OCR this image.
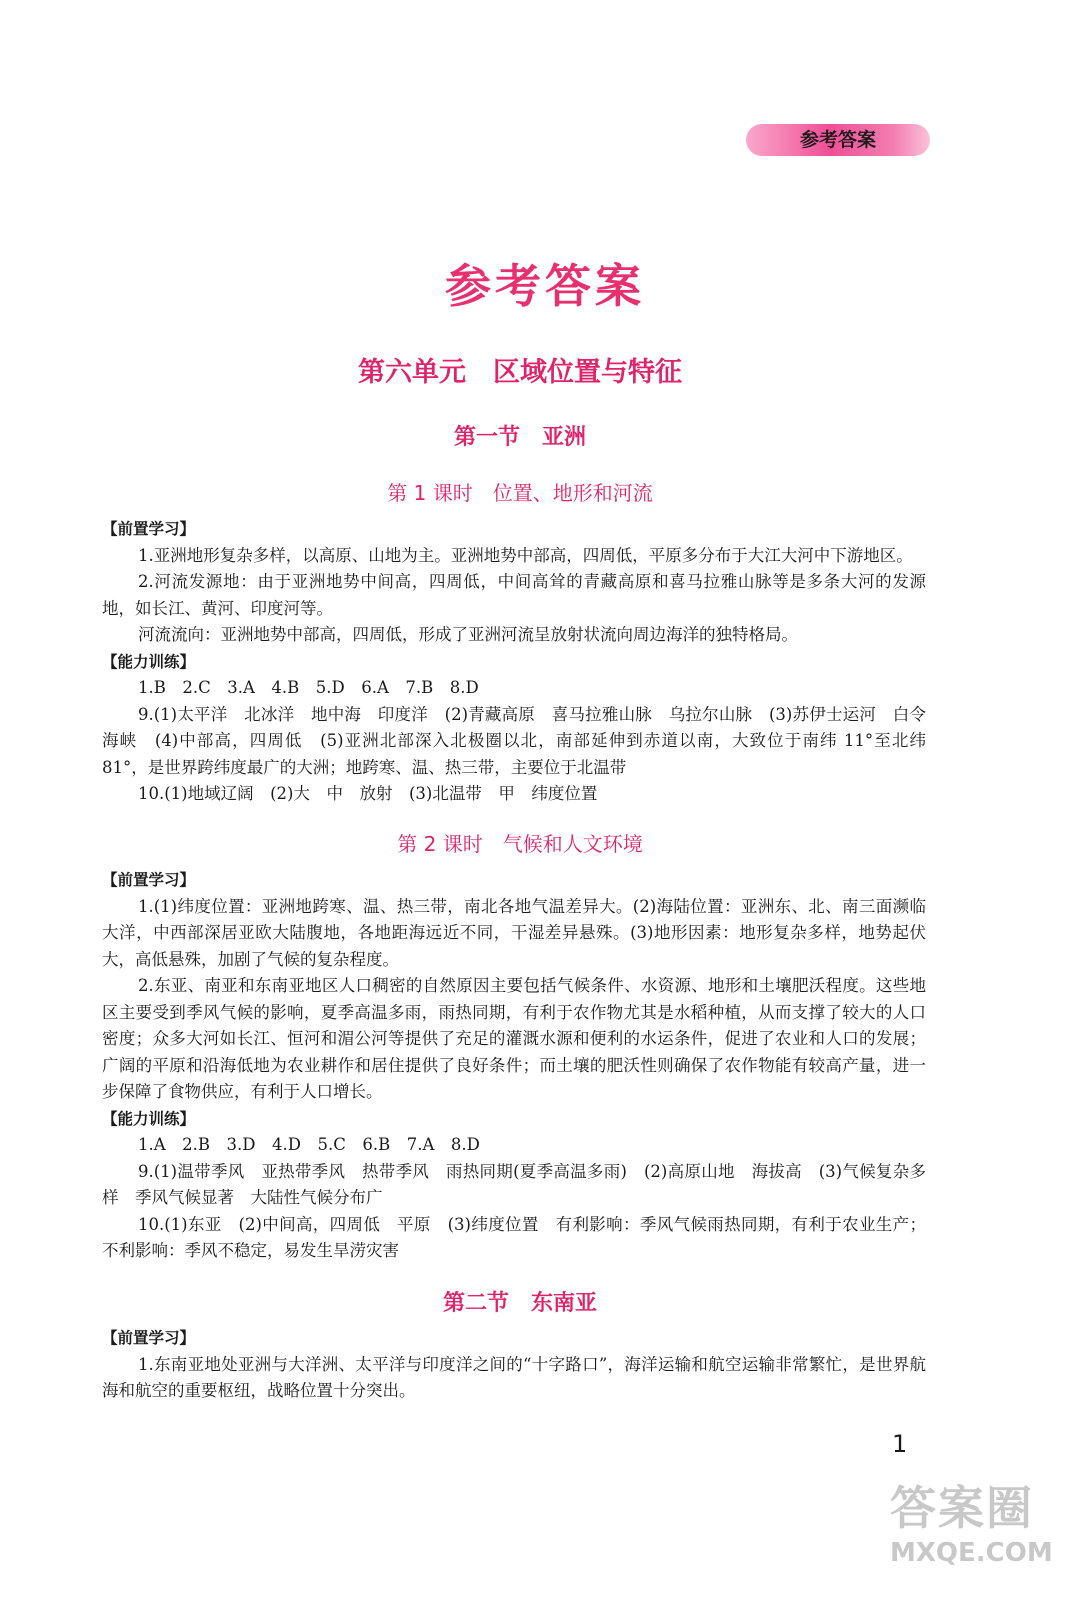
参考答案
参考答案
第六单元　区域位置与特征
第一节　亚洲
第 1 课时　位置、地形和河流
【前置学习】

1.亚洲地形复杂多样，以高原、山地为主。亚洲地势中部高，四周低，平原多分布于大江大河中下游地区。

2.河流发源地：由于亚洲地势中间高，四周低，中间高耸的青藏高原和喜马拉雅山脉等是多条大河的发源地，如长江、黄河、印度河等。

河流流向：亚洲地势中部高，四周低，形成了亚洲河流呈放射状流向周边海洋的独特格局。

【能力训练】

1.B　2.C　3.A　4.B　5.D　6.A　7.B　8.D

9.(1)太平洋　北冰洋　地中海　印度洋　(2)青藏高原　喜马拉雅山脉　乌拉尔山脉　(3)苏伊士运河　白令海峡　(4)中部高，四周低　(5)亚洲北部深入北极圈以北，南部延伸到赤道以南，大致位于南纬 11°至北纬 81°，是世界跨纬度最广的大洲；地跨寒、温、热三带，主要位于北温带

10.(1)地域辽阔　(2)大　中　放射　(3)北温带　甲　纬度位置

第 2 课时　气候和人文环境
【前置学习】

1.(1)纬度位置：亚洲地跨寒、温、热三带，南北各地气温差异大。(2)海陆位置：亚洲东、北、南三面濒临大洋，中西部深居亚欧大陆腹地，各地距海远近不同，干湿差异悬殊。(3)地形因素：地形复杂多样，地势起伏大，高低悬殊，加剧了气候的复杂程度。

2.东亚、南亚和东南亚地区人口稠密的自然原因主要包括气候条件、水资源、地形和土壤肥沃程度。这些地区主要受到季风气候的影响，夏季高温多雨，雨热同期，有利于农作物尤其是水稻种植，从而支撑了较大的人口密度；众多大河如长江、恒河和湄公河等提供了充足的灌溉水源和便利的水运条件，促进了农业和人口的发展；广阔的平原和沿海低地为农业耕作和居住提供了良好条件；而土壤的肥沃性则确保了农作物能有较高产量，进一步保障了食物供应，有利于人口增长。

【能力训练】

1.A　2.B　3.D　4.D　5.C　6.B　7.A　8.D

9.(1)温带季风　亚热带季风　热带季风　雨热同期(夏季高温多雨)　(2)高原山地　海拔高　(3)气候复杂多样　季风气候显著　大陆性气候分布广

10.(1)东亚　(2)中间高，四周低　平原　(3)纬度位置　有利影响：季风气候雨热同期，有利于农业生产；不利影响：季风不稳定，易发生旱涝灾害

第二节　东南亚
【前置学习】

1.东南亚地处亚洲与大洋洲、太平洋与印度洋之间的“十字路口”，海洋运输和航空运输非常繁忙，是世界航海和航空的重要枢纽，战略位置十分突出。

1
答案圈
MXQE.COM
